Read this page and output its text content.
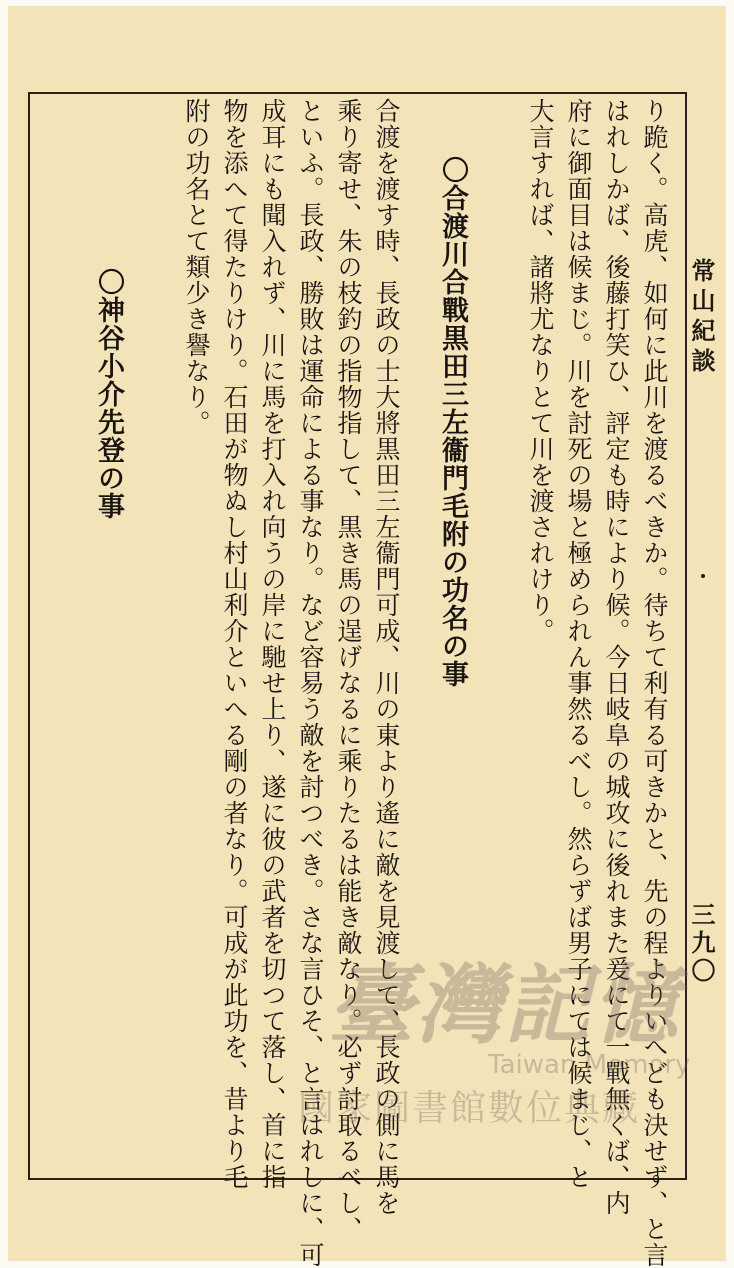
常山紀談
三九〇
り跪く。高虎、如何に此川を渡るべきか。待ちて利有る可きかと、先の程よりいへども決せず、と言
はれしかば、後藤打笑ひ、評定も時により候。今日岐阜の城攻に後れまた爰にて一戰無くば、内
府に御面目は候まじ。川を討死の場と極められん事然るべし。然らずば男子にては候まじ、と
大言すれば、諸將尤なりとて川を渡されけり。
〇合渡川合戰黒田三左衞門毛附の功名の事
合渡を渡す時、長政の士大將黒田三左衞門可成、川の東より遙に敵を見渡して、長政の側に馬を
乘り寄せ、朱の枝釣の指物指して、黒き馬の逞げなるに乘りたるは能き敵なり。必ず討取るべし、
といふ。長政、勝敗は運命による事なり。など容易う敵を討つべき。さな言ひそ、と言はれしに、可
成耳にも聞入れず、川に馬を打入れ向うの岸に馳せ上り、遂に彼の武者を切つて落し、首に指
物を添へて得たりけり。石田が物ぬし村山利介といへる剛の者なり。可成が此功を、昔より毛
附の功名とて類少き譽なり。
〇神谷小介先登の事
臺灣記憶
Taiwan Memory
國家圖書館數位典藏
